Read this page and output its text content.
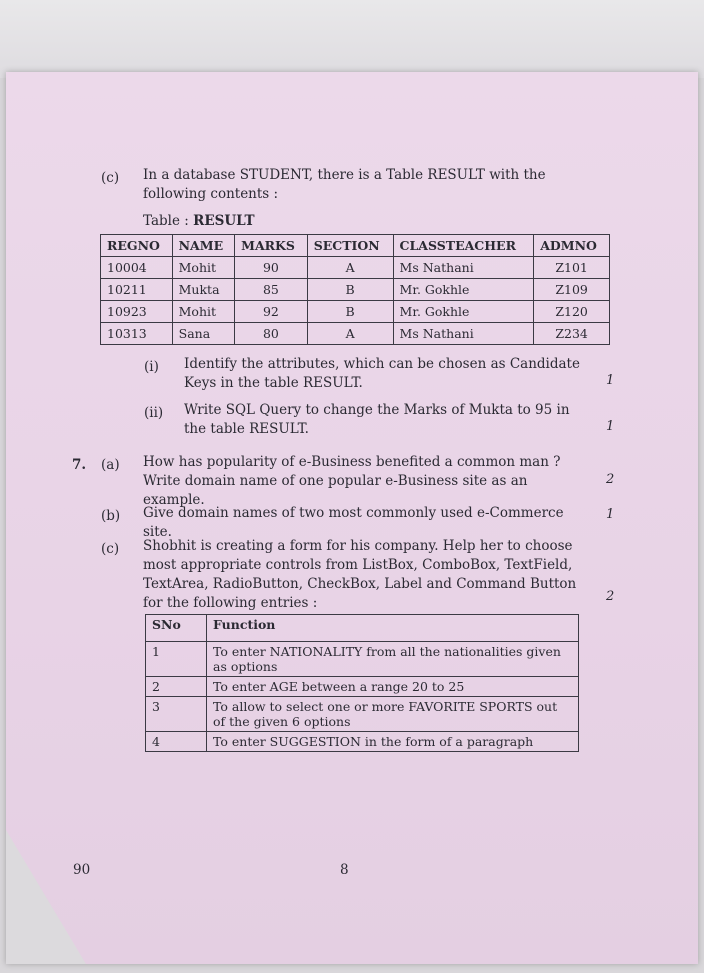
(c) In a database STUDENT, there is a Table RESULT with the following contents :
Table : RESULT
REGNO	NAME	MARKS	SECTION	CLASSTEACHER	ADMNO
10004	Mohit	90	A	Ms Nathani	Z101
10211	Mukta	85	B	Mr. Gokhle	Z109
10923	Mohit	92	B	Mr. Gokhle	Z120
10313	Sana	80	A	Ms Nathani	Z234
(i) Identify the attributes, which can be chosen as Candidate Keys in the table RESULT.	1
(ii) Write SQL Query to change the Marks of Mukta to 95 in the table RESULT.	1
7. (a) How has popularity of e-Business benefited a common man ? Write domain name of one popular e-Business site as an example.
2
(b) Give domain names of two most commonly used e-Commerce site.
1
(c) Shobhit is creating a form for his company. Help her to choose most appropriate controls from ListBox, ComboBox, TextField, TextArea, RadioButton, CheckBox, Label and Command Button for the following entries :	2
SNo	Function
1	To enter NATIONALITY from all the nationalities given as options
2	To enter AGE between a range 20 to 25
3	To allow to select one or more FAVORITE SPORTS out of the given 6 options
4	To enter SUGGESTION in the form of a paragraph
90	8
